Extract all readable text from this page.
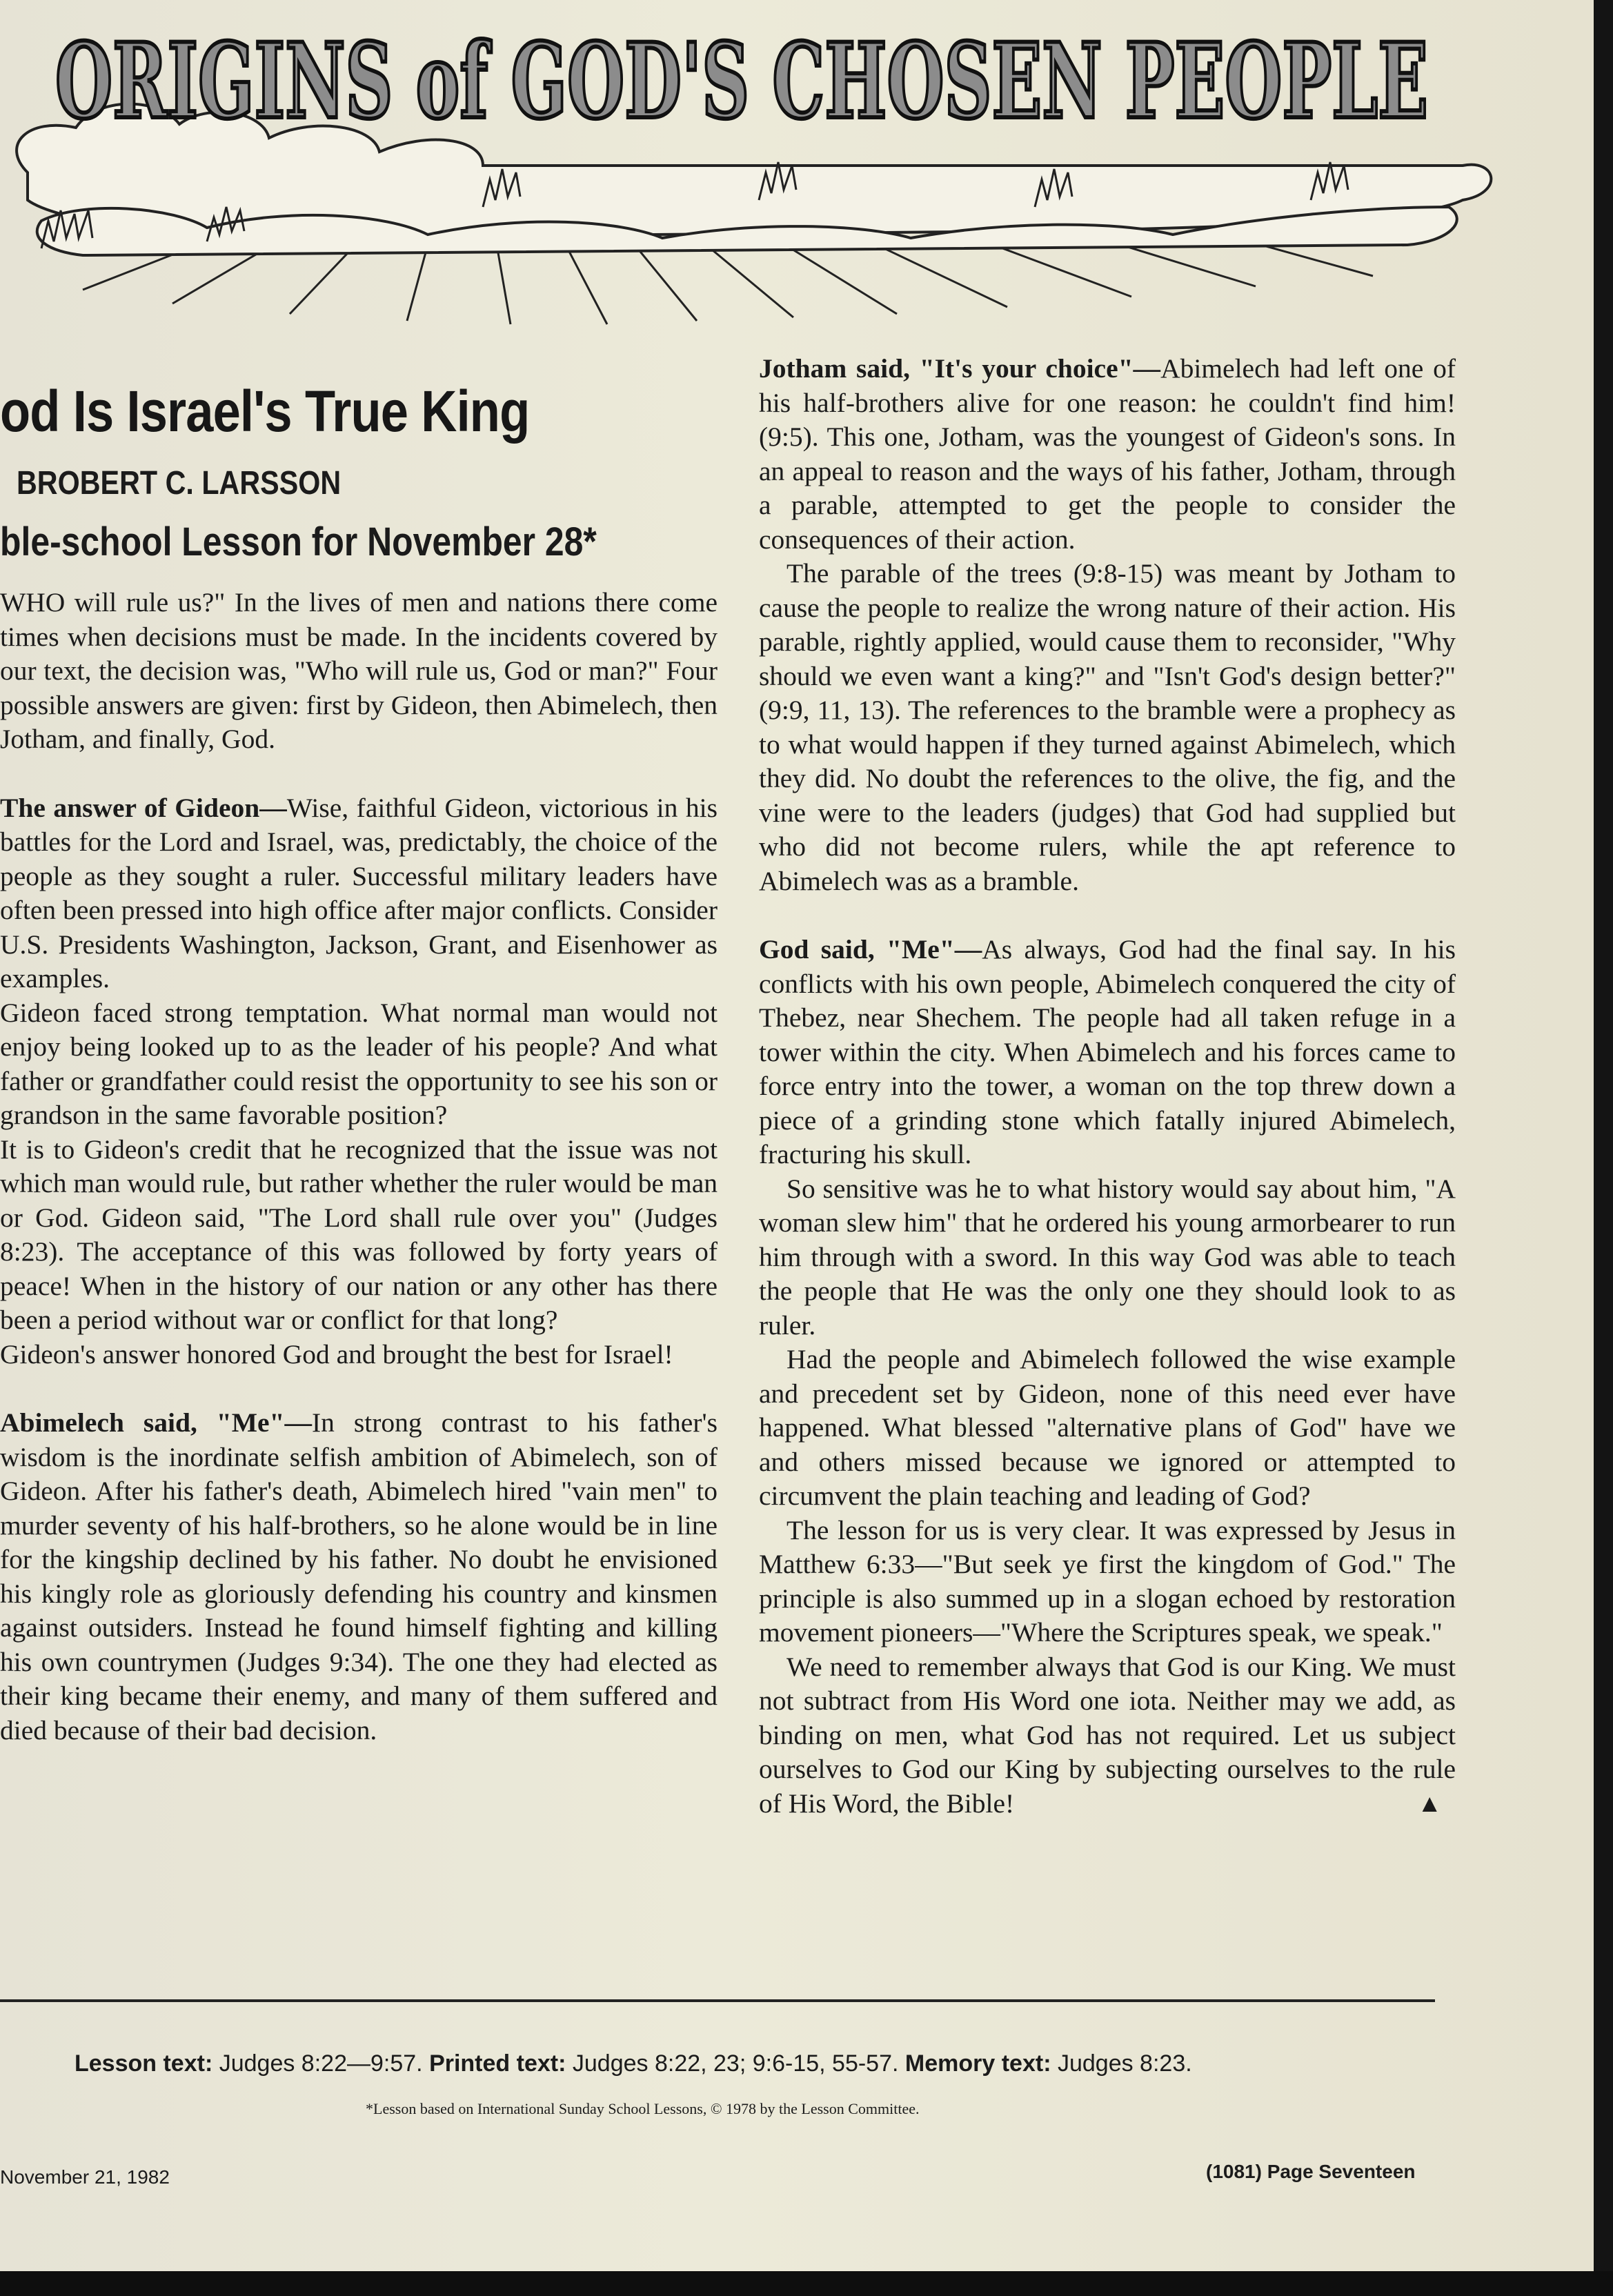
ORIGINS of GOD'S CHOSEN PEOPLE
od Is Israel's True King
BROBERT C. LARSSON
ble-school Lesson for November 28*

WHO will rule us?" In the lives of men and nations there come times when decisions must be made. In the incidents covered by our text, the decision was, "Who will rule us, God or man?" Four possible answers are given: first by Gideon, then Abimelech, then Jotham, and finally, God.

The answer of Gideon—Wise, faithful Gideon, victorious in his battles for the Lord and Israel, was, predictably, the choice of the people as they sought a ruler. Successful military leaders have often been pressed into high office after major conflicts. Consider U.S. Presidents Washington, Jackson, Grant, and Eisenhower as examples.

Gideon faced strong temptation. What normal man would not enjoy being looked up to as the leader of his people? And what father or grandfather could resist the opportunity to see his son or grandson in the same favorable position?

It is to Gideon's credit that he recognized that the issue was not which man would rule, but rather whether the ruler would be man or God. Gideon said, "The Lord shall rule over you" (Judges 8:23). The acceptance of this was followed by forty years of peace! When in the history of our nation or any other has there been a period without war or conflict for that long?

Gideon's answer honored God and brought the best for Israel!

Abimelech said, "Me"—In strong contrast to his father's wisdom is the inordinate selfish ambition of Abimelech, son of Gideon. After his father's death, Abimelech hired "vain men" to murder seventy of his half-brothers, so he alone would be in line for the kingship declined by his father. No doubt he envisioned his kingly role as gloriously defending his country and kinsmen against outsiders. Instead he found himself fighting and killing his own countrymen (Judges 9:34). The one they had elected as their king became their enemy, and many of them suffered and died because of their bad decision.

Jotham said, "It's your choice"—Abimelech had left one of his half-brothers alive for one reason: he couldn't find him! (9:5). This one, Jotham, was the youngest of Gideon's sons. In an appeal to reason and the ways of his father, Jotham, through a parable, attempted to get the people to consider the consequences of their action.

The parable of the trees (9:8-15) was meant by Jotham to cause the people to realize the wrong nature of their action. His parable, rightly applied, would cause them to reconsider, "Why should we even want a king?" and "Isn't God's design better?" (9:9, 11, 13). The references to the bramble were a prophecy as to what would happen if they turned against Abimelech, which they did. No doubt the references to the olive, the fig, and the vine were to the leaders (judges) that God had supplied but who did not become rulers, while the apt reference to Abimelech was as a bramble.

God said, "Me"—As always, God had the final say. In his conflicts with his own people, Abimelech conquered the city of Thebez, near Shechem. The people had all taken refuge in a tower within the city. When Abimelech and his forces came to force entry into the tower, a woman on the top threw down a piece of a grinding stone which fatally injured Abimelech, fracturing his skull.

So sensitive was he to what history would say about him, "A woman slew him" that he ordered his young armorbearer to run him through with a sword. In this way God was able to teach the people that He was the only one they should look to as ruler.

Had the people and Abimelech followed the wise example and precedent set by Gideon, none of this need ever have happened. What blessed "alternative plans of God" have we and others missed because we ignored or attempted to circumvent the plain teaching and leading of God?

The lesson for us is very clear. It was expressed by Jesus in Matthew 6:33—"But seek ye first the kingdom of God." The principle is also summed up in a slogan echoed by restoration movement pioneers—"Where the Scriptures speak, we speak."

We need to remember always that God is our King. We must not subtract from His Word one iota. Neither may we add, as binding on men, what God has not required. Let us subject ourselves to God our King by subjecting ourselves to the rule of His Word, the Bible!	▲

Lesson text: Judges 8:22—9:57. Printed text: Judges 8:22, 23; 9:6-15, 55-57. Memory text: Judges 8:23.
*Lesson based on International Sunday School Lessons, © 1978 by the Lesson Committee.
November 21, 1982	(1081) Page Seventeen
